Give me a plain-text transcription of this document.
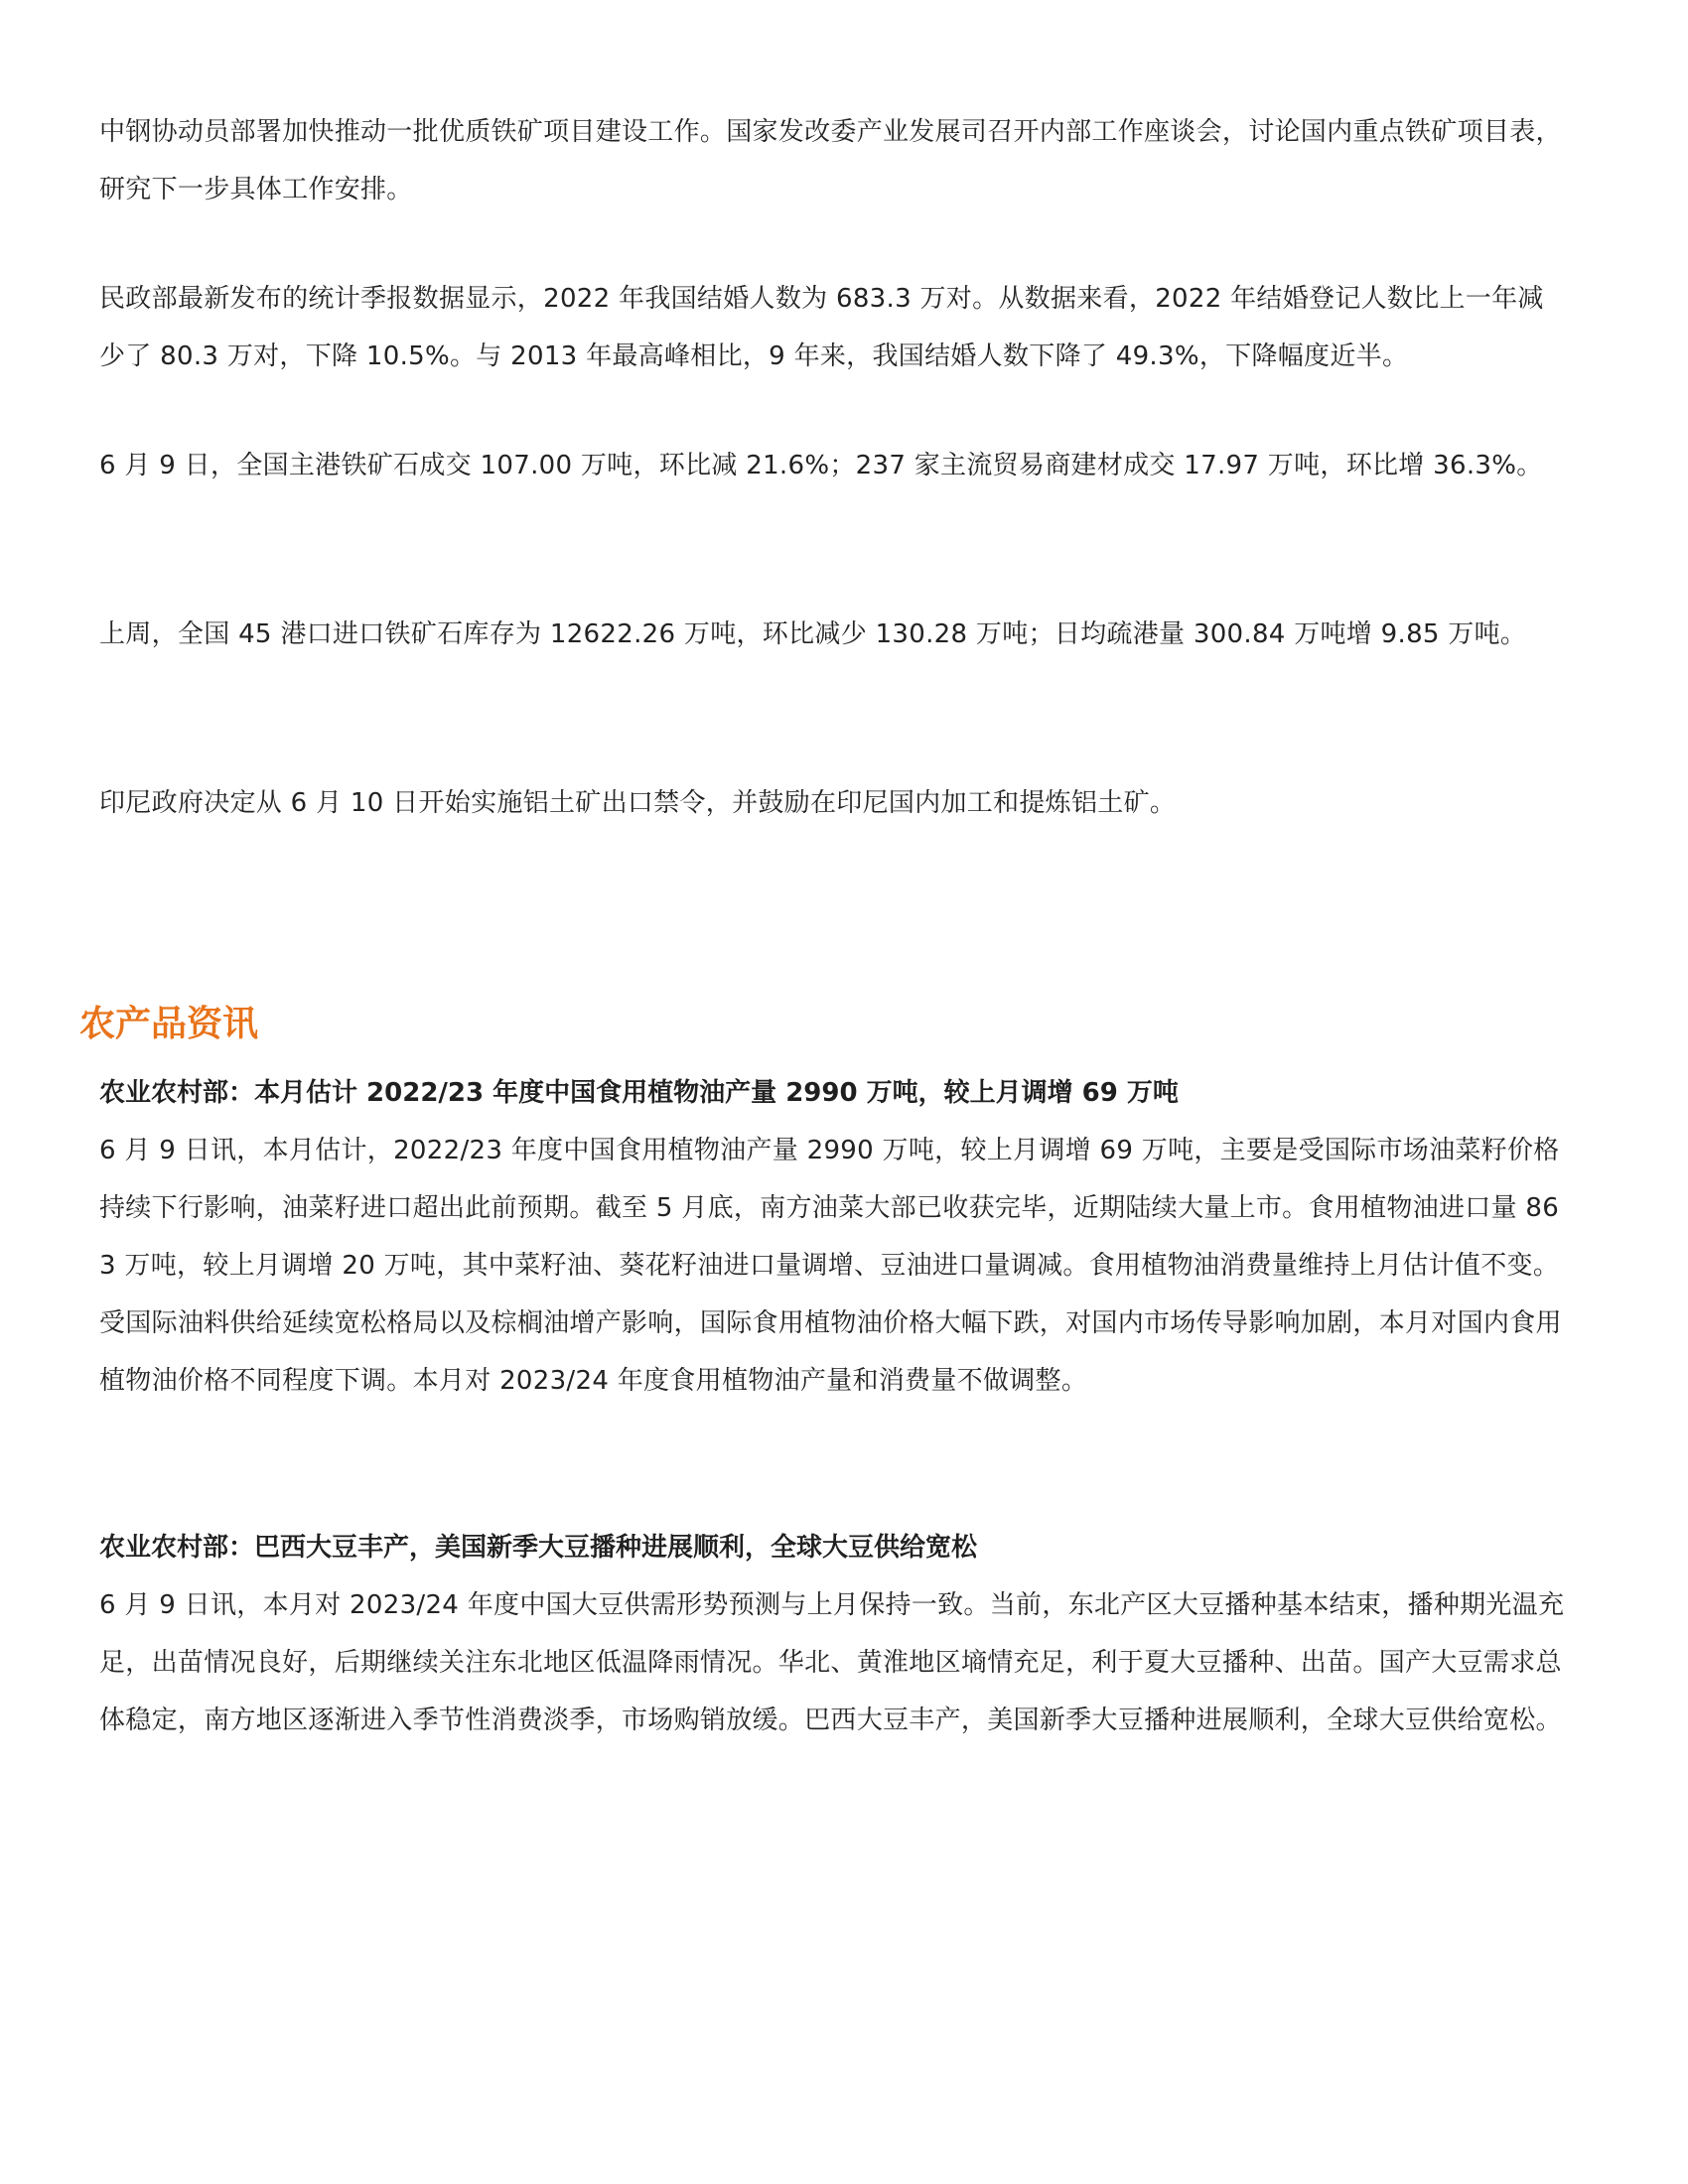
中钢协动员部署加快推动一批优质铁矿项目建设工作。国家发改委产业发展司召开内部工作座谈会，讨论国内重点铁矿项目表，研究下一步具体工作安排。

民政部最新发布的统计季报数据显示，2022 年我国结婚人数为 683.3 万对。从数据来看，2022 年结婚登记人数比上一年减少了 80.3 万对，下降 10.5%。与 2013 年最高峰相比，9 年来，我国结婚人数下降了 49.3%，下降幅度近半。

6 月 9 日，全国主港铁矿石成交 107.00 万吨，环比减 21.6%；237 家主流贸易商建材成交 17.97 万吨，环比增 36.3%。

上周，全国 45 港口进口铁矿石库存为 12622.26 万吨，环比减少 130.28 万吨；日均疏港量 300.84 万吨增 9.85 万吨。

印尼政府决定从 6 月 10 日开始实施铝土矿出口禁令，并鼓励在印尼国内加工和提炼铝土矿。

农产品资讯

农业农村部：本月估计 2022/23 年度中国食用植物油产量 2990 万吨，较上月调增 69 万吨

6 月 9 日讯，本月估计，2022/23 年度中国食用植物油产量 2990 万吨，较上月调增 69 万吨，主要是受国际市场油菜籽价格持续下行影响，油菜籽进口超出此前预期。截至 5 月底，南方油菜大部已收获完毕，近期陆续大量上市。食用植物油进口量 863 万吨，较上月调增 20 万吨，其中菜籽油、葵花籽油进口量调增、豆油进口量调减。食用植物油消费量维持上月估计值不变。受国际油料供给延续宽松格局以及棕榈油增产影响，国际食用植物油价格大幅下跌，对国内市场传导影响加剧，本月对国内食用植物油价格不同程度下调。本月对 2023/24 年度食用植物油产量和消费量不做调整。

农业农村部：巴西大豆丰产，美国新季大豆播种进展顺利，全球大豆供给宽松

6 月 9 日讯，本月对 2023/24 年度中国大豆供需形势预测与上月保持一致。当前，东北产区大豆播种基本结束，播种期光温充足，出苗情况良好，后期继续关注东北地区低温降雨情况。华北、黄淮地区墒情充足，利于夏大豆播种、出苗。国产大豆需求总体稳定，南方地区逐渐进入季节性消费淡季，市场购销放缓。巴西大豆丰产，美国新季大豆播种进展顺利，全球大豆供给宽松。
